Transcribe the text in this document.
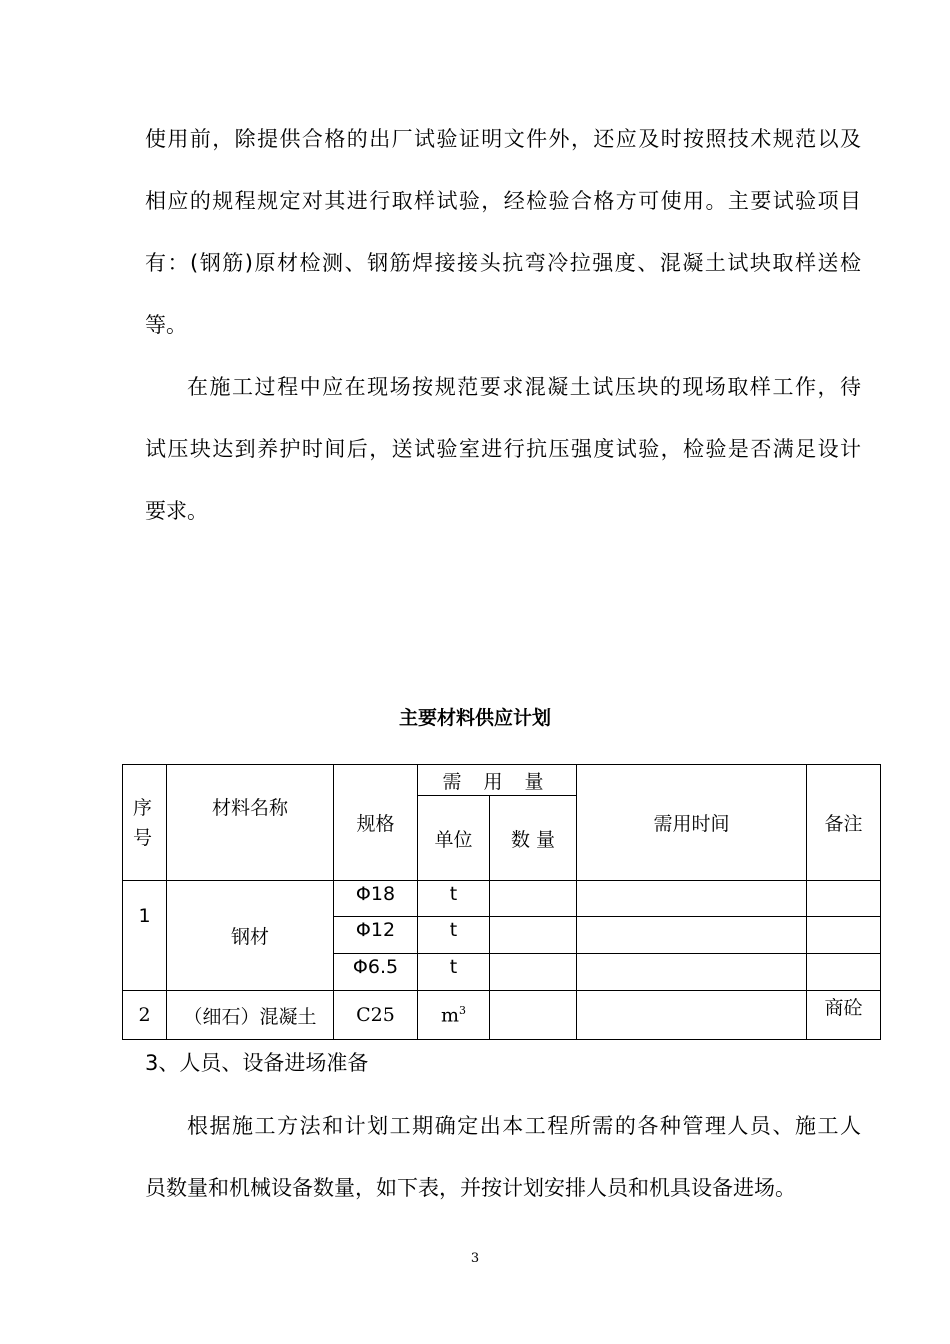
使用前，除提供合格的出厂试验证明文件外，还应及时按照技术规范以及
相应的规程规定对其进行取样试验，经检验合格方可使用。主要试验项目
有：(钢筋)原材检测、钢筋焊接接头抗弯冷拉强度、混凝土试块取样送检
等。
在施工过程中应在现场按规范要求混凝土试压块的现场取样工作，待
试压块达到养护时间后，送试验室进行抗压强度试验，检验是否满足设计
要求。
主要材料供应计划
序号	材料名称	规格	需 用 量		需用时间	备注
			单位	数 量		
1	钢材	Φ18	t			
		Φ12	t			
		Φ6.5	t			
2	（细石）混凝土	C25	$m^3$			商砼
3、人员、设备进场准备
根据施工方法和计划工期确定出本工程所需的各种管理人员、施工人
员数量和机械设备数量，如下表，并按计划安排人员和机具设备进场。
3
